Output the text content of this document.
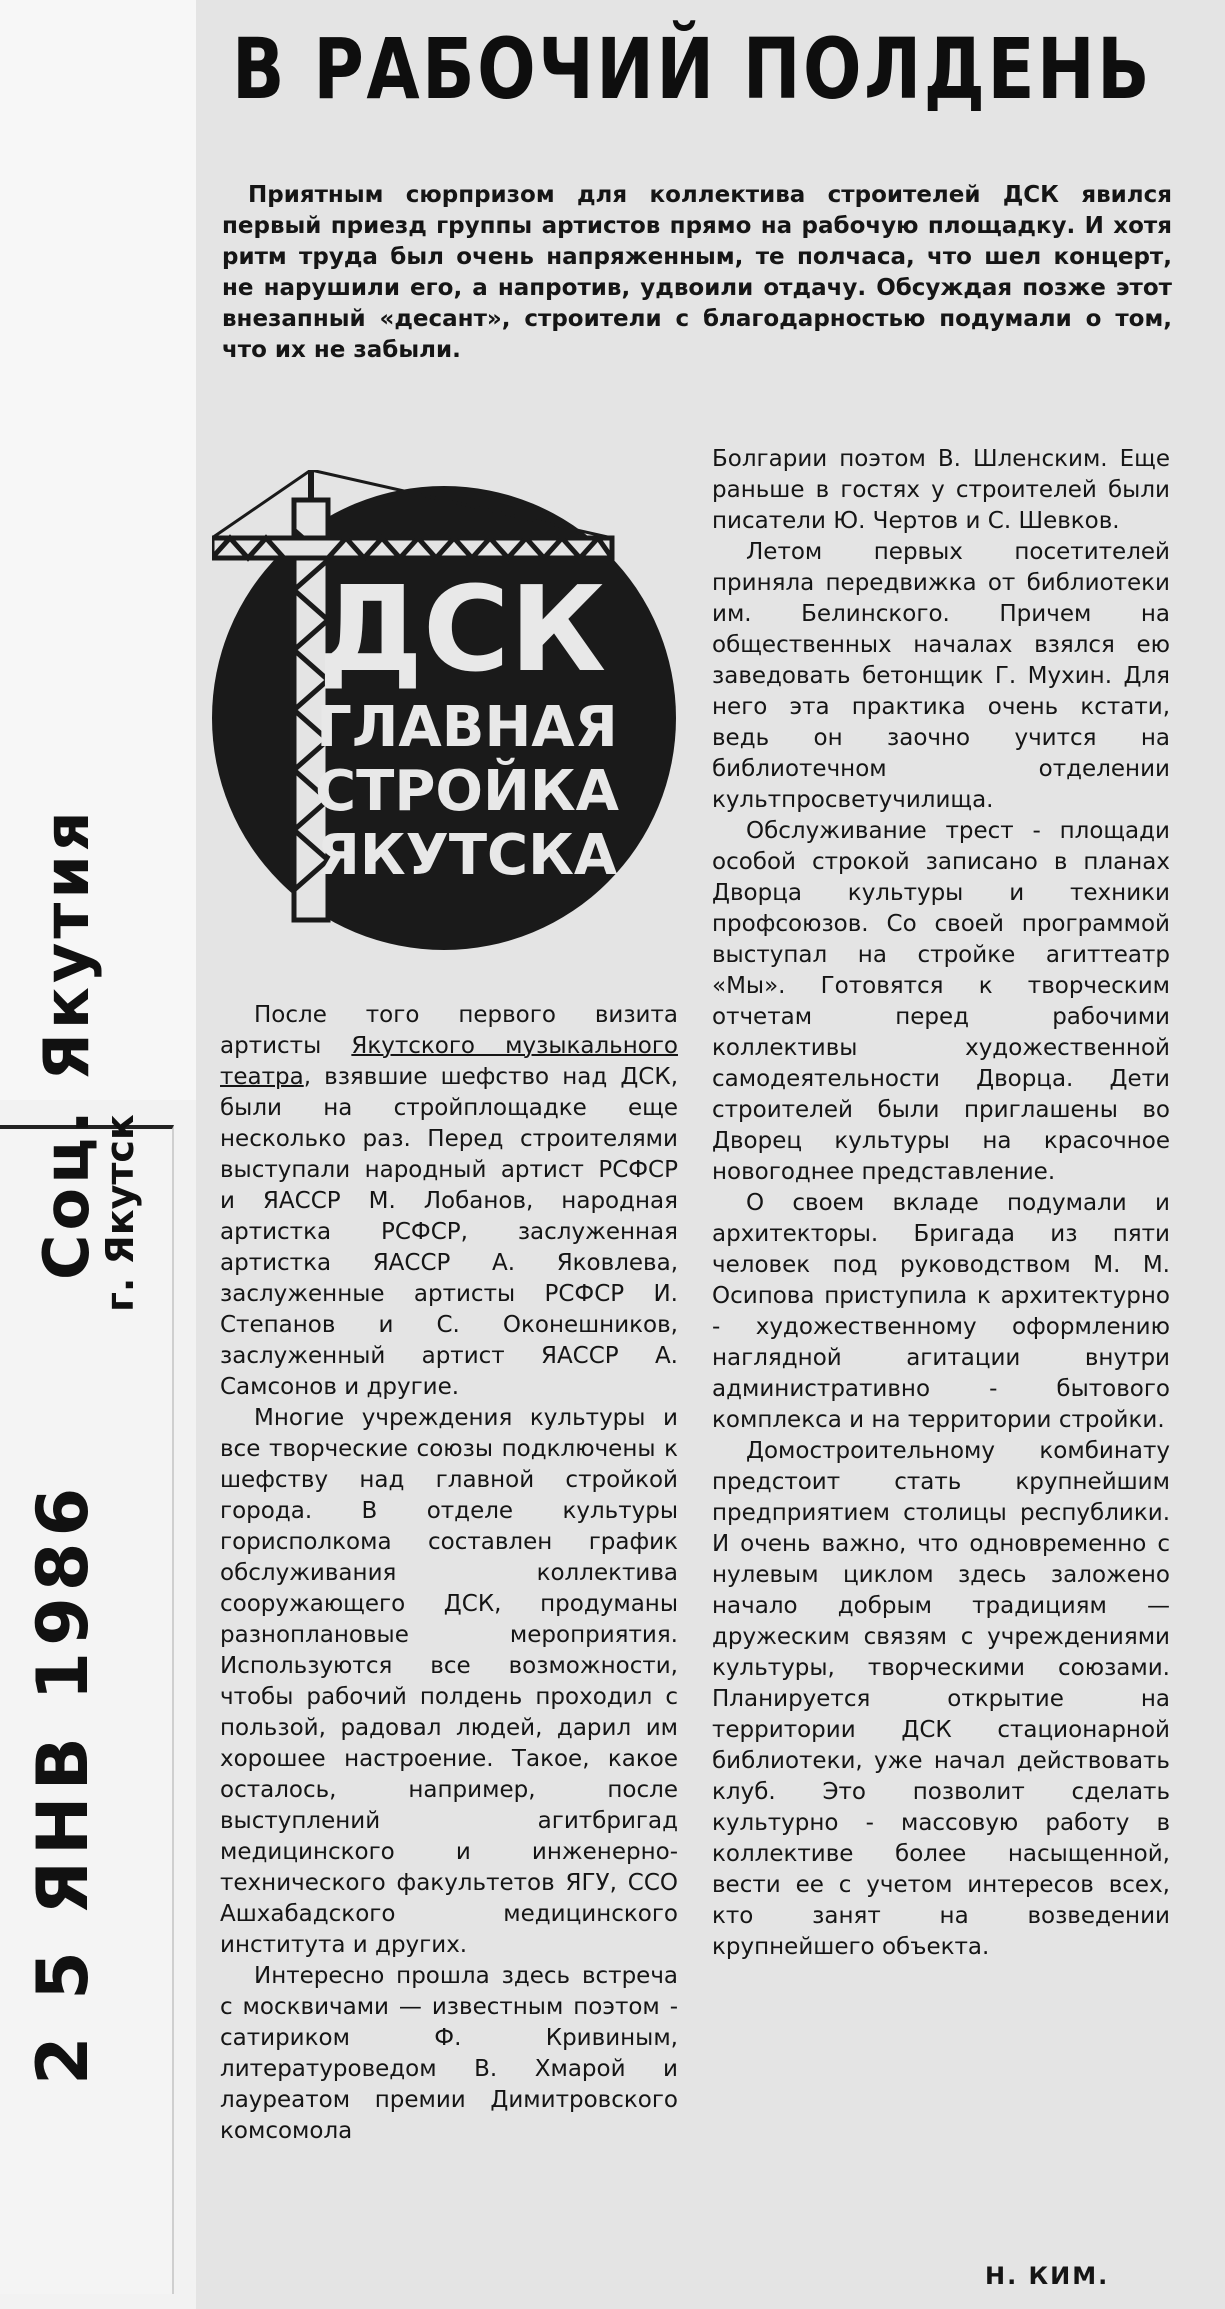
Соц. Якутия
г. Якутск
2 5 ЯНВ 1986
В РАБОЧИЙ ПОЛДЕНЬ
Приятным сюрпризом для коллектива строителей ДСК явился первый приезд группы артистов прямо на рабочую площадку. И хотя ритм труда был очень напряженным, те полчаса, что шел концерт, не нарушили его, а напротив, удвоили отдачу. Обсуждая позже этот внезапный «десант», строители с благодарностью подумали о том, что их не забыли.
ДСК
ГЛАВНАЯ
СТРОЙКА
ЯКУТСКА

После того первого визита артисты Якутского музыкального театра, взявшие шефство над ДСК, были на стройплощадке еще несколько раз. Перед строителями выступали народный артист РСФСР и ЯАССР М. Лобанов, народная артистка РСФСР, заслуженная артистка ЯАССР А. Яковлева, заслуженные артисты РСФСР И. Степанов и С. Оконешников, заслуженный артист ЯАССР А. Самсонов и другие.

Многие учреждения культуры и все творческие союзы подключены к шефству над главной стройкой города. В отделе культуры горисполкома составлен график обслуживания коллектива сооружающего ДСК, продуманы разноплановые мероприятия. Используются все возможности, чтобы рабочий полдень проходил с пользой, радовал людей, дарил им хорошее настроение. Такое, какое осталось, например, после выступлений агитбригад медицинского и инженерно-технического факультетов ЯГУ, ССО Ашхабадского медицинского института и других.

Интересно прошла здесь встреча с москвичами — известным поэтом - сатириком Ф. Кривиным, литературоведом В. Хмарой и лауреатом премии Димитровского комсомола

Болгарии поэтом В. Шленским. Еще раньше в гостях у строителей были писатели Ю. Чертов и С. Шевков.

Летом первых посетителей приняла передвижка от библиотеки им. Белинского. Причем на общественных началах взялся ею заведовать бетонщик Г. Мухин. Для него эта практика очень кстати, ведь он заочно учится на библиотечном отделении культпросветучилища.

Обслуживание трест - площади особой строкой записано в планах Дворца культуры и техники профсоюзов. Со своей программой выступал на стройке агиттеатр «Мы». Готовятся к творческим отчетам перед рабочими коллективы художественной самодеятельности Дворца. Дети строителей были приглашены во Дворец культуры на красочное новогоднее представление.

О своем вкладе подумали и архитекторы. Бригада из пяти человек под руководством М. М. Осипова приступила к архитектурно - художественному оформлению наглядной агитации внутри административно - бытового комплекса и на территории стройки.

Домостроительному комбинату предстоит стать крупнейшим предприятием столицы республики. И очень важно, что одновременно с нулевым циклом здесь заложено начало добрым традициям — дружеским связям с учреждениями культуры, творческими союзами. Планируется открытие на территории ДСК стационарной библиотеки, уже начал действовать клуб. Это позволит сделать культурно - массовую работу в коллективе более насыщенной, вести ее с учетом интересов всех, кто занят на возведении крупнейшего объекта.

Н. КИМ.
